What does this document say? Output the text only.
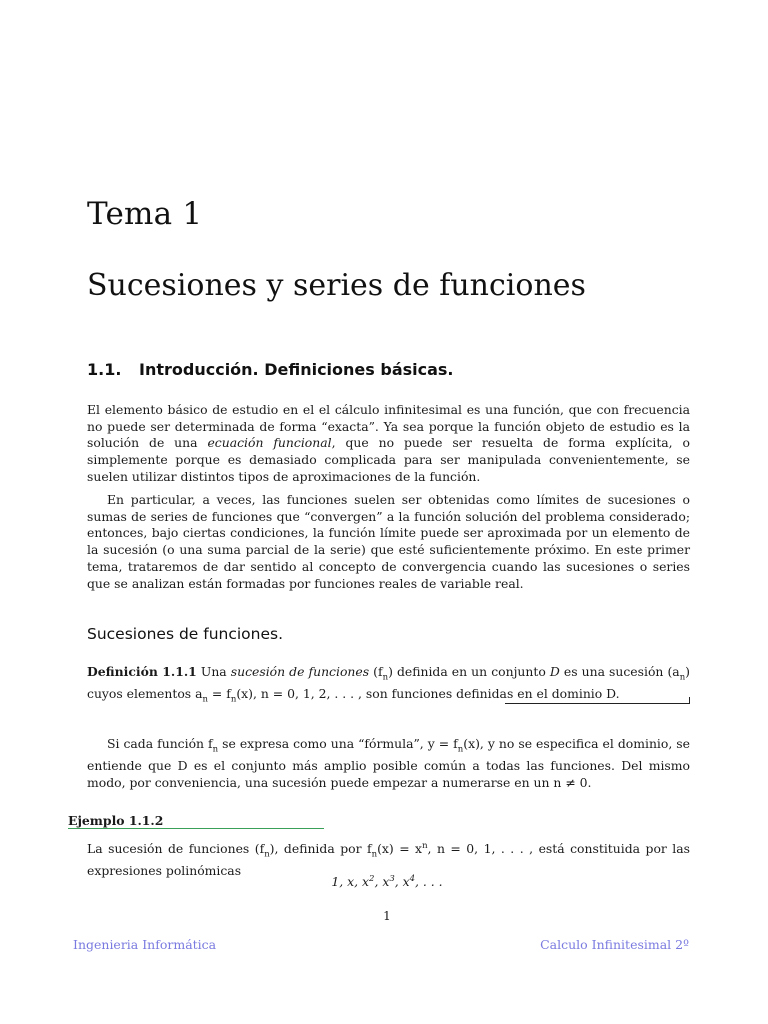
Tema 1
Sucesiones y series de funciones
1.1. Introducción. Definiciones básicas.

El elemento básico de estudio en el el cálculo infinitesimal es una función, que con frecuencia no puede ser determinada de forma “exacta”. Ya sea porque la función objeto de estudio es la solución de una ecuación funcional, que no puede ser resuelta de forma explícita, o simplemente porque es demasiado complicada para ser manipulada convenientemente, se suelen utilizar distintos tipos de aproximaciones de la función.

En particular, a veces, las funciones suelen ser obtenidas como límites de sucesiones o sumas de series de funciones que “convergen” a la función solución del problema considerado; entonces, bajo ciertas condiciones, la función límite puede ser aproximada por un elemento de la sucesión (o una suma parcial de la serie) que esté suficientemente próximo. En este primer tema, trataremos de dar sentido al concepto de convergencia cuando las sucesiones o series que se analizan están formadas por funciones reales de variable real.

Sucesiones de funciones.

Definición 1.1.1 Una sucesión de funciones $(f_n)$ definida en un conjunto D es una sucesión $(a_n)$ cuyos elementos $a_n = f_n(x)$, n = 0, 1, 2, . . . , son funciones definidas en el dominio D.

Si cada función $f_n$ se expresa como una “fórmula”, $y = f_n(x)$, y no se especifica el dominio, se entiende que D es el conjunto más amplio posible común a todas las funciones. Del mismo modo, por conveniencia, una sucesión puede empezar a numerarse en un n ≠ 0.

Ejemplo 1.1.2

La sucesión de funciones $(f_n)$, definida por $f_n(x) = x^n$, n = 0, 1, . . . , está constituida por las expresiones polinómicas

1, x, $x^2$, $x^3$, $x^4$, . . .
1
Ingenieria Informática	Calculo Infinitesimal 2º
